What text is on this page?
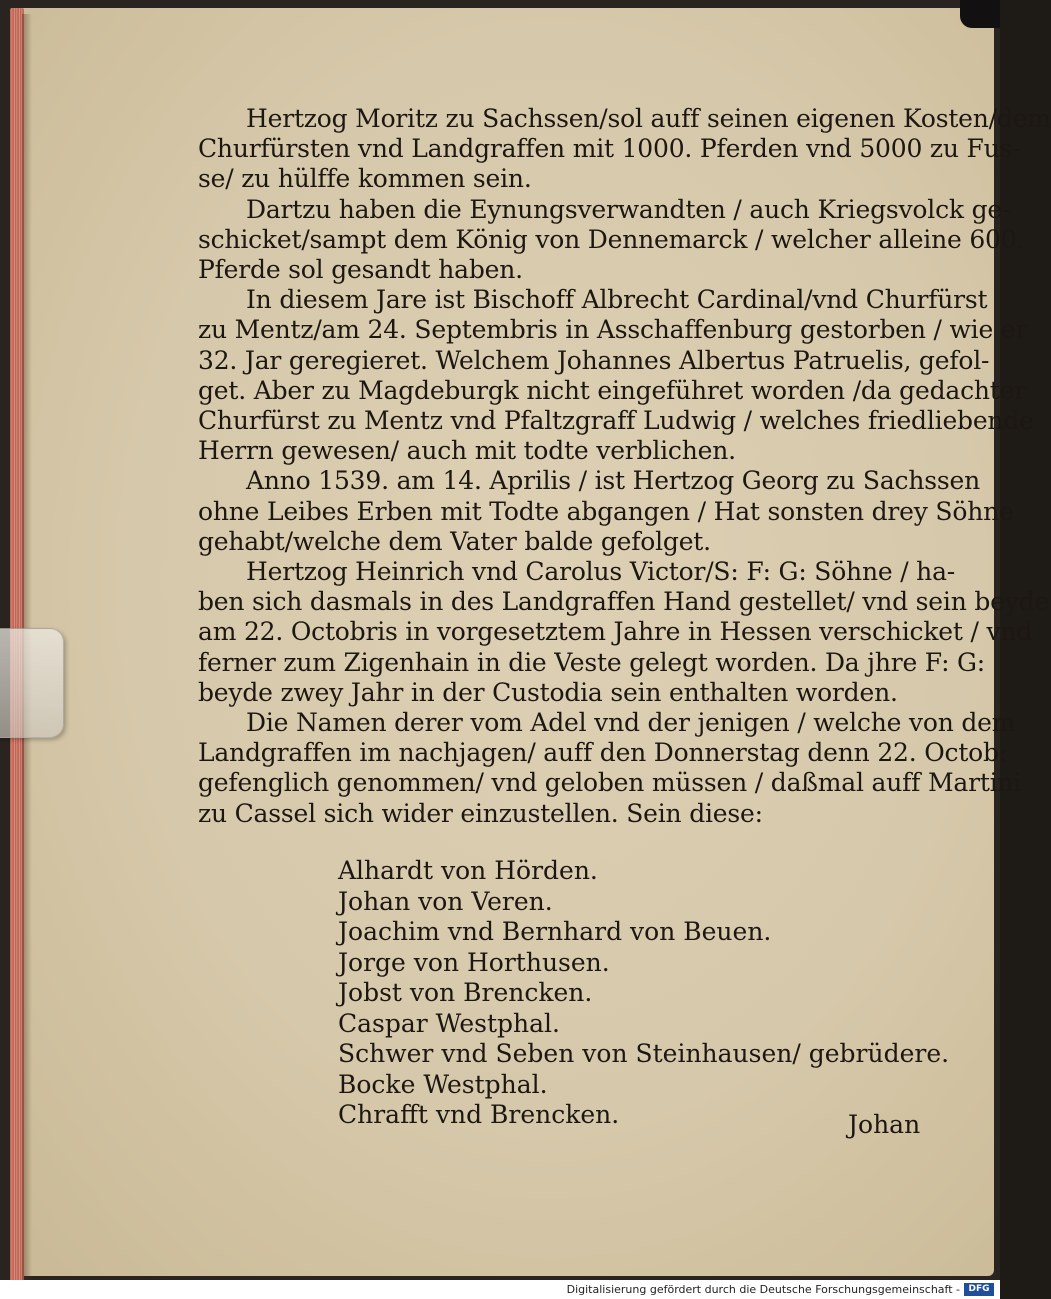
Hertzog Moritz zu Sachssen/sol auff seinen eigenen Kosten/dem

Churfürsten vnd Landgraffen mit 1000. Pferden vnd 5000 zu Fus-

se/ zu hülffe kommen sein.

Dartzu haben die Eynungsverwandten / auch Kriegsvolck ge-

schicket/sampt dem König von Dennemarck / welcher alleine 600.

Pferde sol gesandt haben.

In diesem Jare ist Bischoff Albrecht Cardinal/vnd Churfürst

zu Mentz/am 24. Septembris in Asschaffenburg gestorben / wie er

32. Jar geregieret. Welchem Johannes Albertus Patruelis, gefol-

get. Aber zu Magdeburgk nicht eingeführet worden /da gedachter

Churfürst zu Mentz vnd Pfaltzgraff Ludwig / welches friedliebende

Herrn gewesen/ auch mit todte verblichen.

Anno 1539. am 14. Aprilis / ist Hertzog Georg zu Sachssen

ohne Leibes Erben mit Todte abgangen / Hat sonsten drey Söhne

gehabt/welche dem Vater balde gefolget.

Hertzog Heinrich vnd Carolus Victor/S: F: G: Söhne / ha-

ben sich dasmals in des Landgraffen Hand gestellet/ vnd sein beyde

am 22. Octobris in vorgesetztem Jahre in Hessen verschicket / vnd

ferner zum Zigenhain in die Veste gelegt worden. Da jhre F: G:

beyde zwey Jahr in der Custodia sein enthalten worden.

Die Namen derer vom Adel vnd der jenigen / welche von dem

Landgraffen im nachjagen/ auff den Donnerstag denn 22. Octob:

gefenglich genommen/ vnd geloben müssen / daßmal auff Martini

zu Cassel sich wider einzustellen. Sein diese:

Alhardt von Hörden.

Johan von Veren.

Joachim vnd Bernhard von Beuen.

Jorge von Horthusen.

Jobst von Brencken.

Caspar Westphal.

Schwer vnd Seben von Steinhausen/ gebrüdere.

Bocke Westphal.

Chrafft vnd Brencken.	Johan
Digitalisierung gefördert durch die Deutsche Forschungsgemeinschaft - DFG
